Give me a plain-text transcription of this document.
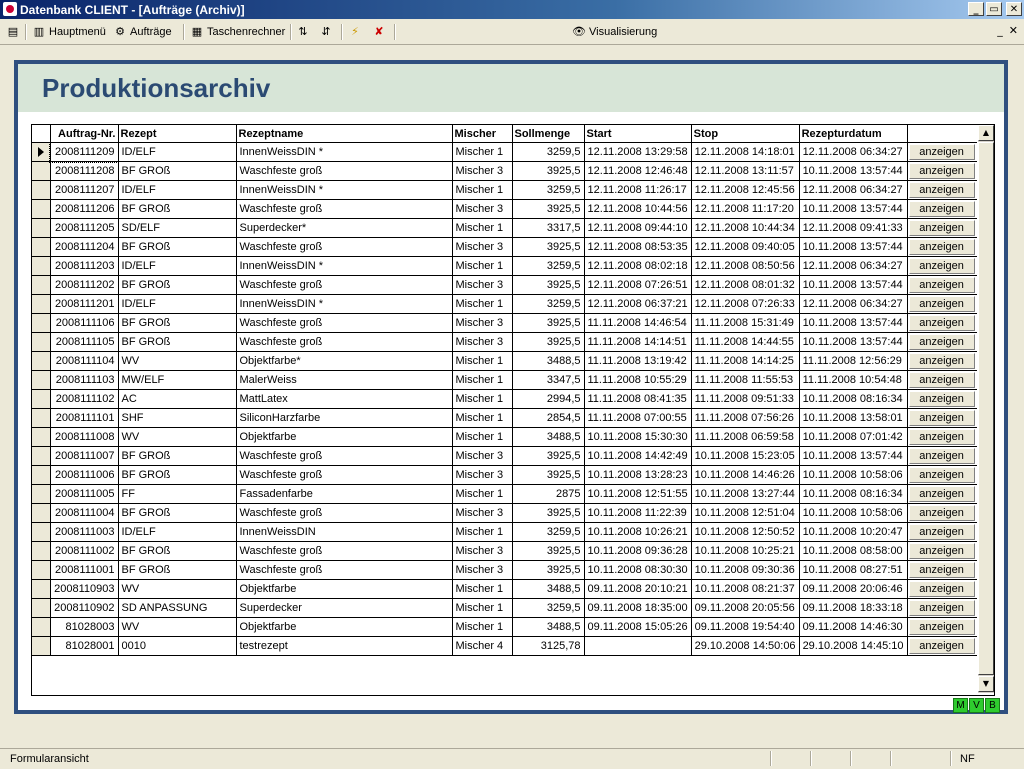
Datenbank CLIENT - [Aufträge (Archiv)]	_	▭	✕
▤ ▥ Hauptmenü ⚙ Aufträge ▦ Taschenrechner ⇅ ⇵ ⚡ ✘	👁 Visualisierung	_ ✕
Produktionsarchiv
	Auftrag-Nr.	Rezept	Rezeptname	Mischer	Sollmenge	Start	Stop	Rezepturdatum	
	2008111209	ID/ELF	InnenWeissDIN *	Mischer 1	3259,5	12.11.2008 13:29:58	12.11.2008 14:18:01	12.11.2008 06:34:27	anzeigen

	2008111208	BF GROß	Waschfeste groß	Mischer 3	3925,5	12.11.2008 12:46:48	12.11.2008 13:11:57	10.11.2008 13:57:44	anzeigen

	2008111207	ID/ELF	InnenWeissDIN *	Mischer 1	3259,5	12.11.2008 11:26:17	12.11.2008 12:45:56	12.11.2008 06:34:27	anzeigen

	2008111206	BF GROß	Waschfeste groß	Mischer 3	3925,5	12.11.2008 10:44:56	12.11.2008 11:17:20	10.11.2008 13:57:44	anzeigen

	2008111205	SD/ELF	Superdecker*	Mischer 1	3317,5	12.11.2008 09:44:10	12.11.2008 10:44:34	12.11.2008 09:41:33	anzeigen

	2008111204	BF GROß	Waschfeste groß	Mischer 3	3925,5	12.11.2008 08:53:35	12.11.2008 09:40:05	10.11.2008 13:57:44	anzeigen

	2008111203	ID/ELF	InnenWeissDIN *	Mischer 1	3259,5	12.11.2008 08:02:18	12.11.2008 08:50:56	12.11.2008 06:34:27	anzeigen

	2008111202	BF GROß	Waschfeste groß	Mischer 3	3925,5	12.11.2008 07:26:51	12.11.2008 08:01:32	10.11.2008 13:57:44	anzeigen

	2008111201	ID/ELF	InnenWeissDIN *	Mischer 1	3259,5	12.11.2008 06:37:21	12.11.2008 07:26:33	12.11.2008 06:34:27	anzeigen

	2008111106	BF GROß	Waschfeste groß	Mischer 3	3925,5	11.11.2008 14:46:54	11.11.2008 15:31:49	10.11.2008 13:57:44	anzeigen

	2008111105	BF GROß	Waschfeste groß	Mischer 3	3925,5	11.11.2008 14:14:51	11.11.2008 14:44:55	10.11.2008 13:57:44	anzeigen

	2008111104	WV	Objektfarbe*	Mischer 1	3488,5	11.11.2008 13:19:42	11.11.2008 14:14:25	11.11.2008 12:56:29	anzeigen

	2008111103	MW/ELF	MalerWeiss	Mischer 1	3347,5	11.11.2008 10:55:29	11.11.2008 11:55:53	11.11.2008 10:54:48	anzeigen

	2008111102	AC	MattLatex	Mischer 1	2994,5	11.11.2008 08:41:35	11.11.2008 09:51:33	10.11.2008 08:16:34	anzeigen

	2008111101	SHF	SiliconHarzfarbe	Mischer 1	2854,5	11.11.2008 07:00:55	11.11.2008 07:56:26	10.11.2008 13:58:01	anzeigen

	2008111008	WV	Objektfarbe	Mischer 1	3488,5	10.11.2008 15:30:30	11.11.2008 06:59:58	10.11.2008 07:01:42	anzeigen

	2008111007	BF GROß	Waschfeste groß	Mischer 3	3925,5	10.11.2008 14:42:49	10.11.2008 15:23:05	10.11.2008 13:57:44	anzeigen

	2008111006	BF GROß	Waschfeste groß	Mischer 3	3925,5	10.11.2008 13:28:23	10.11.2008 14:46:26	10.11.2008 10:58:06	anzeigen

	2008111005	FF	Fassadenfarbe	Mischer 1	2875	10.11.2008 12:51:55	10.11.2008 13:27:44	10.11.2008 08:16:34	anzeigen

	2008111004	BF GROß	Waschfeste groß	Mischer 3	3925,5	10.11.2008 11:22:39	10.11.2008 12:51:04	10.11.2008 10:58:06	anzeigen

	2008111003	ID/ELF	InnenWeissDIN	Mischer 1	3259,5	10.11.2008 10:26:21	10.11.2008 12:50:52	10.11.2008 10:20:47	anzeigen

	2008111002	BF GROß	Waschfeste groß	Mischer 3	3925,5	10.11.2008 09:36:28	10.11.2008 10:25:21	10.11.2008 08:58:00	anzeigen

	2008111001	BF GROß	Waschfeste groß	Mischer 3	3925,5	10.11.2008 08:30:30	10.11.2008 09:30:36	10.11.2008 08:27:51	anzeigen

	2008110903	WV	Objektfarbe	Mischer 1	3488,5	09.11.2008 20:10:21	10.11.2008 08:21:37	09.11.2008 20:06:46	anzeigen

	2008110902	SD ANPASSUNG	Superdecker	Mischer 1	3259,5	09.11.2008 18:35:00	09.11.2008 20:05:56	09.11.2008 18:33:18	anzeigen

	81028003	WV	Objektfarbe	Mischer 1	3488,5	09.11.2008 15:05:26	09.11.2008 19:54:40	09.11.2008 14:46:30	anzeigen

	81028001	0010	testrezept	Mischer 4	3125,78		29.10.2008 14:50:06	29.10.2008 14:45:10	anzeigen
▲
▼
M V B
Formularansicht	NF
